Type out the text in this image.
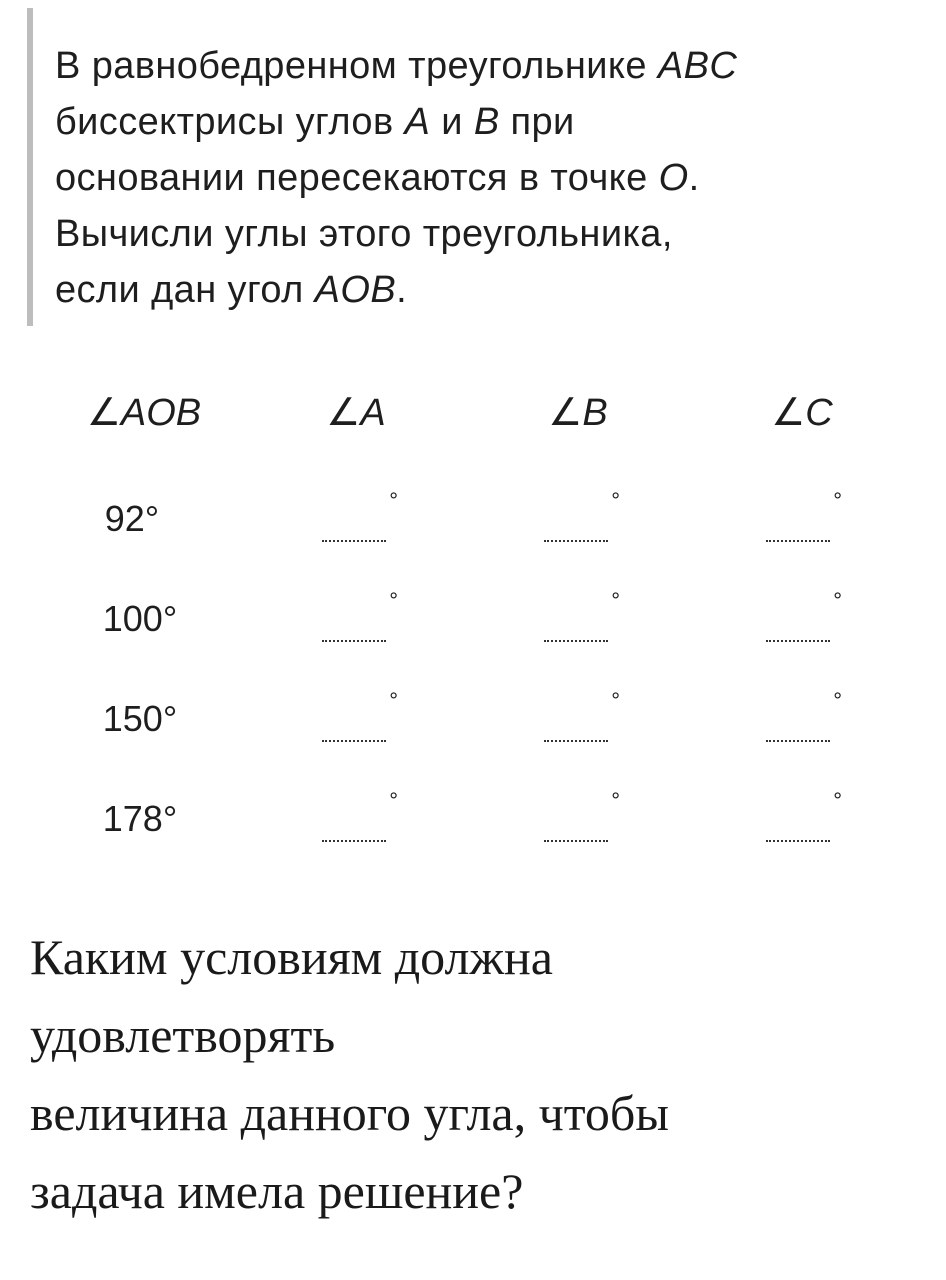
В равнобедренном треугольнике ABC
биссектрисы углов A и B при
основании пересекаются в точке O.
Вычисли углы этого треугольника,
если дан угол AOB.
∠AOB	∠A	∠B	∠C
92°	°	°	°
100°	°	°	°
150°	°	°	°
178°	°	°	°
Каким условиям должна
удовлетворять
величина данного угла, чтобы
задача имела решение?
